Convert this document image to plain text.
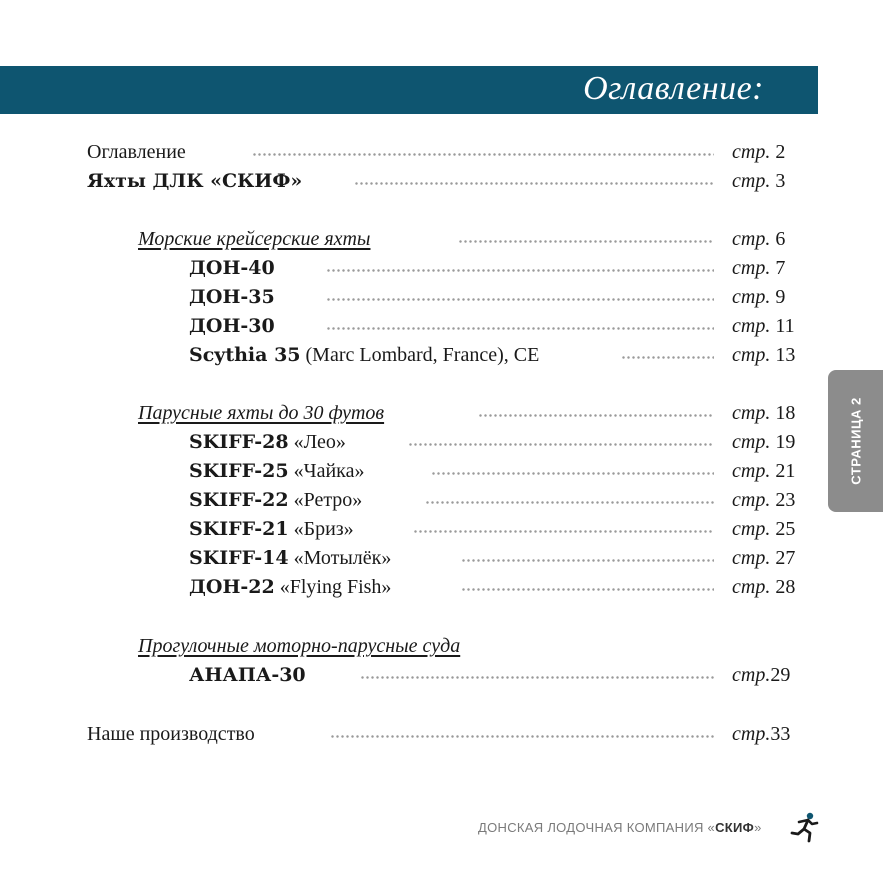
Оглавление:
Оглавление	стр. 2
Яхты ДЛК «СКИФ»	стр. 3
Морские крейсерские яхты	стр. 6
ДОН-40	стр. 7
ДОН-35	стр. 9
ДОН-30	стр. 11
Scythia 35 (Marc Lombard, France), CE	стр. 13
Парусные яхты до 30 футов	стр. 18
SKIFF-28 «Лео»	стр. 19
SKIFF-25 «Чайка»	стр. 21
SKIFF-22 «Ретро»	стр. 23
SKIFF-21 «Бриз»	стр. 25
SKIFF-14 «Мотылёк»	стр. 27
ДОН-22 «Flying Fish»	стр. 28
Прогулочные моторно-парусные суда
АНАПА-30	стр.29
Наше производство	стр.33
СТРАНИЦА 2
ДОНСКАЯ ЛОДОЧНАЯ КОМПАНИЯ «СКИФ»
